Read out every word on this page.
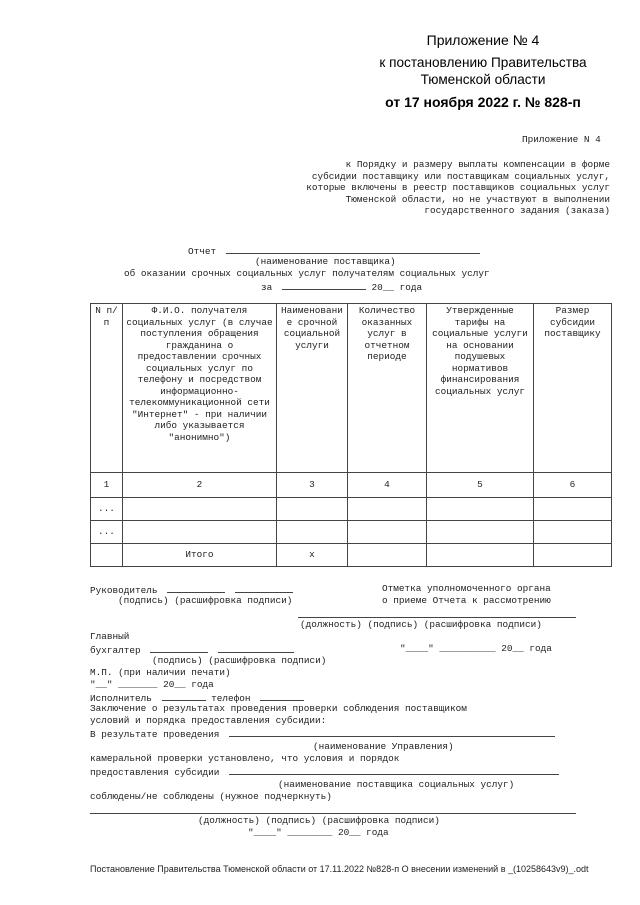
Приложение № 4
к постановлению Правительства
Тюменской области
от 17 ноября 2022 г. № 828-п
Приложение N 4
к Порядку и размеру выплаты компенсации в форме
субсидии поставщику или поставщикам социальных услуг,
которые включены в реестр поставщиков социальных услуг
Тюменской области, но не участвуют в выполнении
государственного задания (заказа)
Отчет
(наименование поставщика)
об оказании срочных социальных услуг получателям социальных услуг
за	20__ года
N п/п	Ф.И.О. получателя социальных услуг (в случае поступления обращения гражданина о предоставлении срочных социальных услуг по телефону и посредством информационно-телекоммуникационной сети "Интернет" - при наличии либо указывается "анонимно")	Наименование срочной социальной услуги	Количество оказанных услуг в отчетном периоде	Утвержденные тарифы на социальные услуги на основании подушевых нормативов финансирования социальных услуг	Размер субсидии поставщику
1	2	3	4	5	6
...					
...					
	Итого	x			
Руководитель
(подпись) (расшифровка подписи)
Отметка уполномоченного органа
о приеме Отчета к рассмотрению
(должность) (подпись) (расшифровка подписи)
Главный
бухгалтер	"____" __________ 20__ года
(подпись) (расшифровка подписи)
М.П. (при наличии печати)
"__" _______ 20__ года
Исполнитель	телефон
Заключение о результатах проведения проверки соблюдения поставщиком
условий и порядка предоставления субсидии:
В результате проведения
(наименование Управления)
камеральной проверки установлено, что условия и порядок
предоставления субсидии
(наименование поставщика социальных услуг)
соблюдены/не соблюдены (нужное подчеркнуть)
(должность) (подпись) (расшифровка подписи)
"____" ________ 20__ года
Постановление Правительства Тюменской области от 17.11.2022 №828-п О внесении изменений в _(10258643v9)_.odt
